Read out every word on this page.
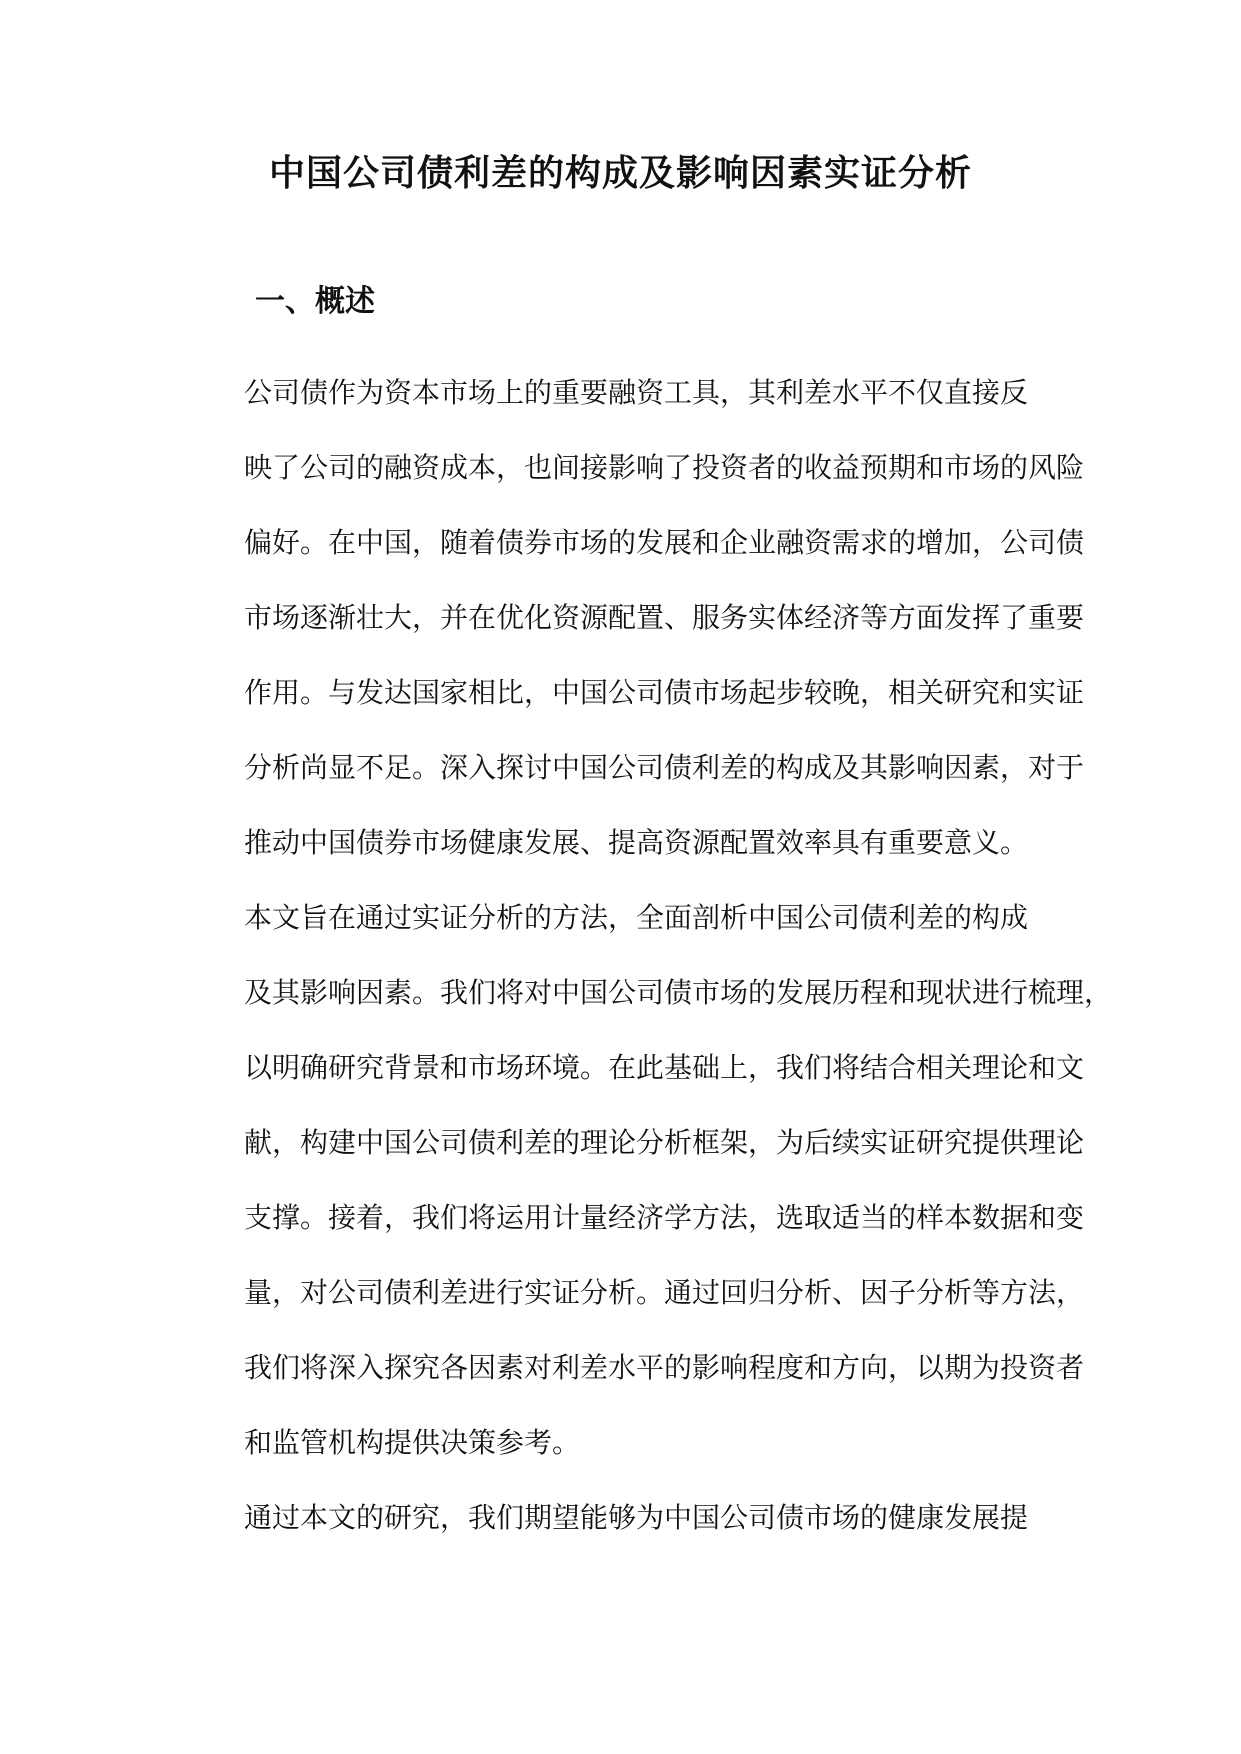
中国公司债利差的构成及影响因素实证分析
一、概述

公司债作为资本市场上的重要融资工具，其利差水平不仅直接反
映了公司的融资成本，也间接影响了投资者的收益预期和市场的风险
偏好。在中国，随着债券市场的发展和企业融资需求的增加，公司债
市场逐渐壮大，并在优化资源配置、服务实体经济等方面发挥了重要
作用。与发达国家相比，中国公司债市场起步较晚，相关研究和实证
分析尚显不足。深入探讨中国公司债利差的构成及其影响因素，对于
推动中国债券市场健康发展、提高资源配置效率具有重要意义。

本文旨在通过实证分析的方法，全面剖析中国公司债利差的构成
及其影响因素。我们将对中国公司债市场的发展历程和现状进行梳理，
以明确研究背景和市场环境。在此基础上，我们将结合相关理论和文
献，构建中国公司债利差的理论分析框架，为后续实证研究提供理论
支撑。接着，我们将运用计量经济学方法，选取适当的样本数据和变
量，对公司债利差进行实证分析。通过回归分析、因子分析等方法，
我们将深入探究各因素对利差水平的影响程度和方向，以期为投资者
和监管机构提供决策参考。

通过本文的研究，我们期望能够为中国公司债市场的健康发展提
